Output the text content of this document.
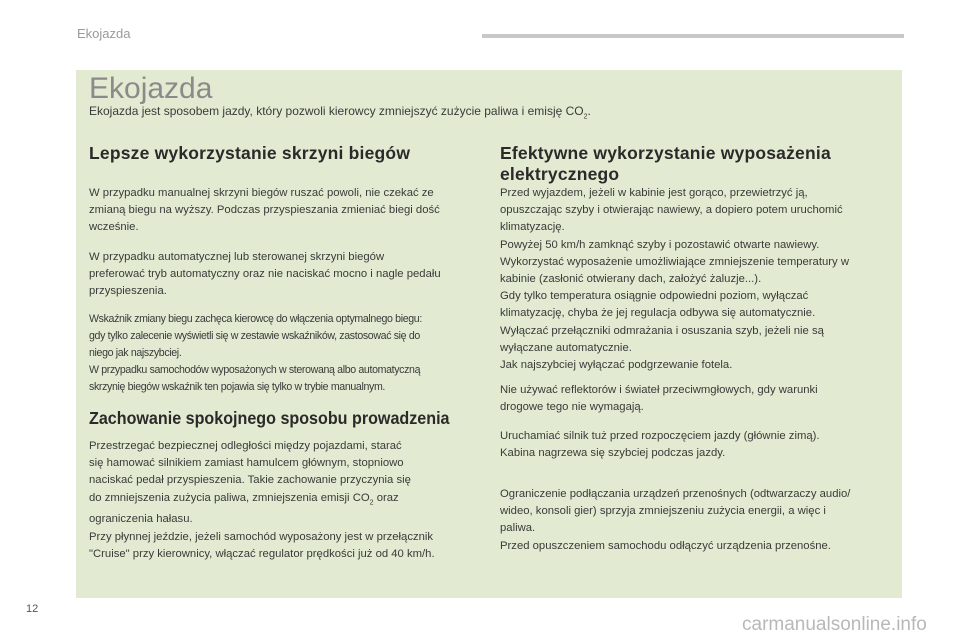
Ekojazda
Ekojazda
Ekojazda jest sposobem jazdy, który pozwoli kierowcy zmniejszyć zużycie paliwa i emisję $CO_2$.
Lepsze wykorzystanie skrzyni biegów

W przypadku manualnej skrzyni biegów ruszać powoli, nie czekać ze

zmianą biegu na wyższy. Podczas przyspieszania zmieniać biegi dość

wcześnie.

W przypadku automatycznej lub sterowanej skrzyni biegów

preferować tryb automatyczny oraz nie naciskać mocno i nagle pedału

przyspieszenia.

Wskaźnik zmiany biegu zachęca kierowcę do włączenia optymalnego biegu:

gdy tylko zalecenie wyświetli się w zestawie wskaźników, zastosować się do

niego jak najszybciej.

W przypadku samochodów wyposażonych w sterowaną albo automatyczną

skrzynię biegów wskaźnik ten pojawia się tylko w trybie manualnym.

Zachowanie spokojnego sposobu prowadzenia

Przestrzegać bezpiecznej odległości między pojazdami, starać

się hamować silnikiem zamiast hamulcem głównym, stopniowo

naciskać pedał przyspieszenia. Takie zachowanie przyczynia się

do zmniejszenia zużycia paliwa, zmniejszenia emisji $CO_2$ oraz

ograniczenia hałasu.

Przy płynnej jeździe, jeżeli samochód wyposażony jest w przełącznik

"Cruise" przy kierownicy, włączać regulator prędkości już od 40 km/h.

Efektywne wykorzystanie wyposażenia
elektrycznego

Przed wyjazdem, jeżeli w kabinie jest gorąco, przewietrzyć ją,

opuszczając szyby i otwierając nawiewy, a dopiero potem uruchomić

klimatyzację.

Powyżej 50 km/h zamknąć szyby i pozostawić otwarte nawiewy.

Wykorzystać wyposażenie umożliwiające zmniejszenie temperatury w

kabinie (zasłonić otwierany dach, założyć żaluzje...).

Gdy tylko temperatura osiągnie odpowiedni poziom, wyłączać

klimatyzację, chyba że jej regulacja odbywa się automatycznie.

Wyłączać przełączniki odmrażania i osuszania szyb, jeżeli nie są

wyłączane automatycznie.

Jak najszybciej wyłączać podgrzewanie fotela.

Nie używać reflektorów i świateł przeciwmgłowych, gdy warunki

drogowe tego nie wymagają.

Uruchamiać silnik tuż przed rozpoczęciem jazdy (głównie zimą).

Kabina nagrzewa się szybciej podczas jazdy.

Ograniczenie podłączania urządzeń przenośnych (odtwarzaczy audio/

wideo, konsoli gier) sprzyja zmniejszeniu zużycia energii, a więc i

paliwa.

Przed opuszczeniem samochodu odłączyć urządzenia przenośne.

12
carmanualsonline.info
